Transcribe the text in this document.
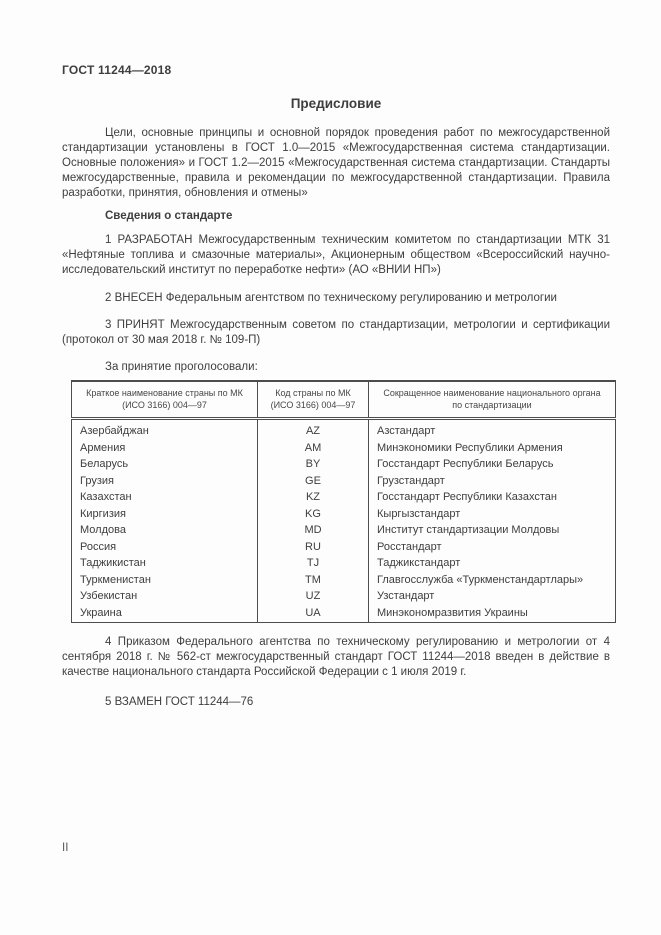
ГОСТ 11244—2018
Предисловие

Цели, основные принципы и основной порядок проведения работ по межгосударственной стандартизации установлены в ГОСТ 1.0—2015 «Межгосударственная система стандартизации. Основные положения» и ГОСТ 1.2—2015 «Межгосударственная система стандартизации. Стандарты межгосударственные, правила и рекомендации по межгосударственной стандартизации. Правила разработки, принятия, обновления и отмены»

Сведения о стандарте

1 РАЗРАБОТАН Межгосударственным техническим комитетом по стандартизации МТК 31 «Нефтяные топлива и смазочные материалы», Акционерным обществом «Всероссийский научно-исследовательский институт по переработке нефти» (АО «ВНИИ НП»)

2 ВНЕСЕН Федеральным агентством по техническому регулированию и метрологии

3 ПРИНЯТ Межгосударственным советом по стандартизации, метрологии и сертификации (протокол от 30 мая 2018 г. № 109-П)

За принятие проголосовали:

Краткое наименование страны по МК (ИСО 3166) 004—97	Код страны по МК (ИСО 3166) 004—97	Сокращенное наименование национального органа по стандартизации
Азербайджан	AZ	Азстандарт
Армения	AM	Минэкономики Республики Армения
Беларусь	BY	Госстандарт Республики Беларусь
Грузия	GE	Грузстандарт
Казахстан	KZ	Госстандарт Республики Казахстан
Киргизия	KG	Кыргызстандарт
Молдова	MD	Институт стандартизации Молдовы
Россия	RU	Росстандарт
Таджикистан	TJ	Таджикстандарт
Туркменистан	TM	Главгосслужба «Туркменстандартлары»
Узбекистан	UZ	Узстандарт
Украина	UA	Минэкономразвития Украины

4 Приказом Федерального агентства по техническому регулированию и метрологии от 4 сентября 2018 г. № 562-ст межгосударственный стандарт ГОСТ 11244—2018 введен в действие в качестве национального стандарта Российской Федерации с 1 июля 2019 г.

5 ВЗАМЕН ГОСТ 11244—76

II
